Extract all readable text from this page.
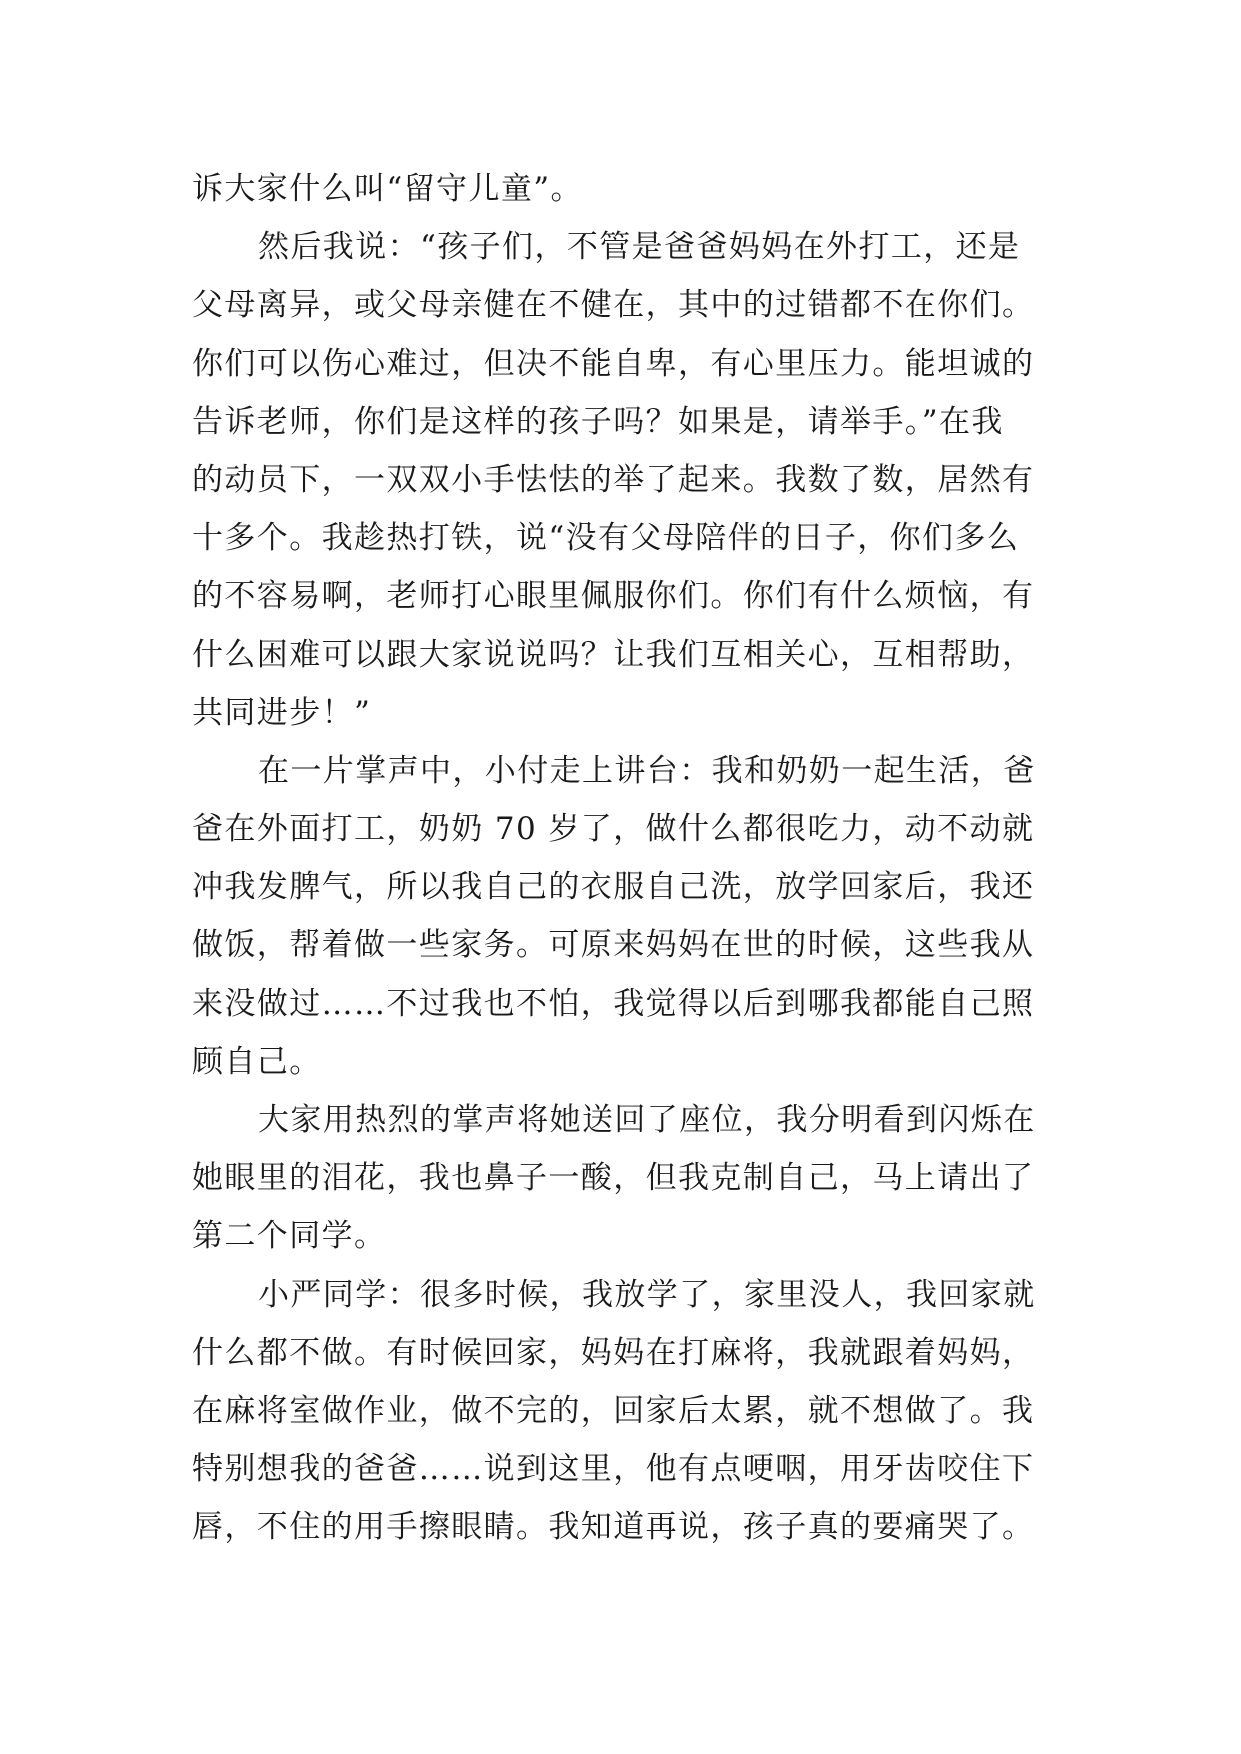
诉大家什么叫“留守儿童”。
然后我说：“孩子们，不管是爸爸妈妈在外打工，还是
父母离异，或父母亲健在不健在，其中的过错都不在你们。
你们可以伤心难过，但决不能自卑，有心里压力。能坦诚的
告诉老师，你们是这样的孩子吗？如果是，请举手。”在我
的动员下，一双双小手怯怯的举了起来。我数了数，居然有
十多个。我趁热打铁，说“没有父母陪伴的日子，你们多么
的不容易啊，老师打心眼里佩服你们。你们有什么烦恼，有
什么困难可以跟大家说说吗？让我们互相关心，互相帮助，
共同进步！”
在一片掌声中，小付走上讲台：我和奶奶一起生活，爸
爸在外面打工，奶奶 70 岁了，做什么都很吃力，动不动就
冲我发脾气，所以我自己的衣服自己洗，放学回家后，我还
做饭，帮着做一些家务。可原来妈妈在世的时候，这些我从
来没做过……不过我也不怕，我觉得以后到哪我都能自己照
顾自己。
大家用热烈的掌声将她送回了座位，我分明看到闪烁在
她眼里的泪花，我也鼻子一酸，但我克制自己，马上请出了
第二个同学。
小严同学：很多时候，我放学了，家里没人，我回家就
什么都不做。有时候回家，妈妈在打麻将，我就跟着妈妈，
在麻将室做作业，做不完的，回家后太累，就不想做了。我
特别想我的爸爸……说到这里，他有点哽咽，用牙齿咬住下
唇，不住的用手擦眼睛。我知道再说，孩子真的要痛哭了。
